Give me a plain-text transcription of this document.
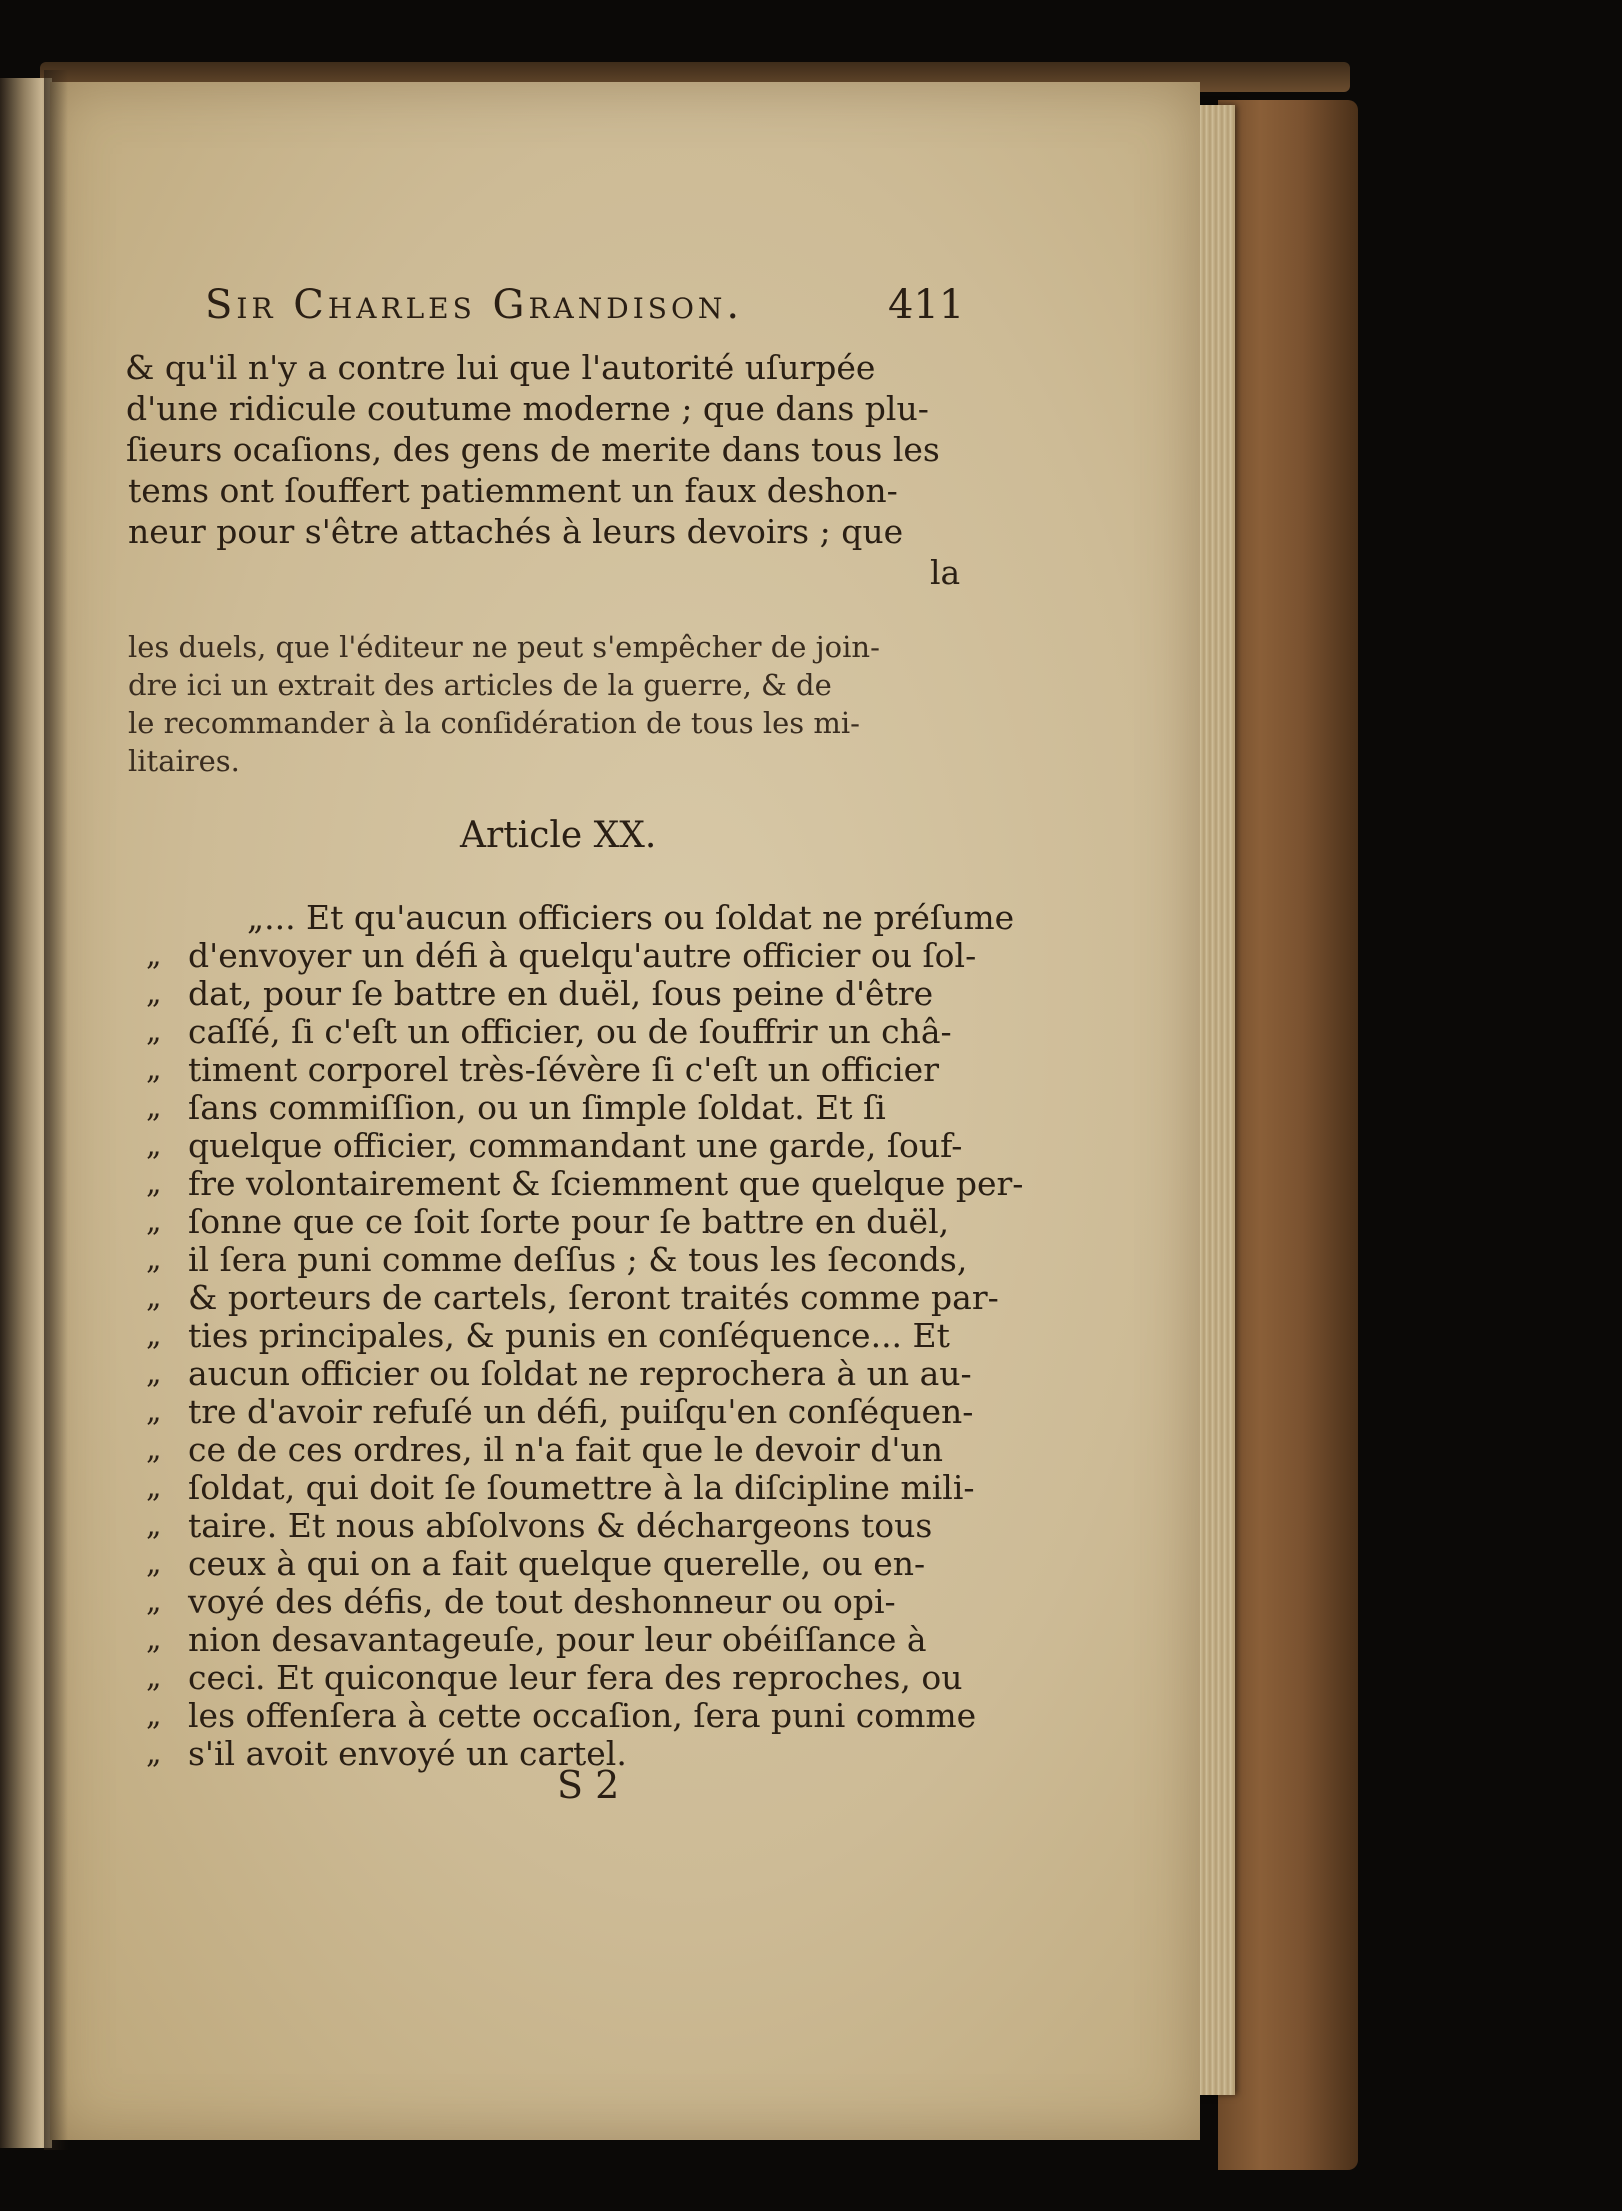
Sir Charles Grandison.	411
& qu'il n'y a contre lui que l'autorité uſurpée
d'une ridicule coutume moderne ; que dans plu-
ſieurs ocaſions, des gens de merite dans tous les
tems ont ſouffert patiemment un faux deshon-
neur pour s'être attachés à leurs devoirs ; que
la
les duels, que l'éditeur ne peut s'empêcher de join-
dre ici un extrait des articles de la guerre, & de
le recommander à la conſidération de tous les mi-
litaires.
Article XX.
„... Et qu'aucun officiers ou ſoldat ne préſume
„ d'envoyer un défi à quelqu'autre officier ou ſol-
„ dat, pour ſe battre en duël, ſous peine d'être
„ caſſé, ſi c'eſt un officier, ou de ſouffrir un châ-
„ timent corporel très-ſévère ſi c'eſt un officier
„ ſans commiſſion, ou un ſimple ſoldat. Et ſi
„ quelque officier, commandant une garde, ſouf-
„ fre volontairement & ſciemment que quelque per-
„ ſonne que ce ſoit ſorte pour ſe battre en duël,
„ il ſera puni comme deſſus ; & tous les ſeconds,
„ & porteurs de cartels, ſeront traités comme par-
„ ties principales, & punis en conſéquence... Et
„ aucun officier ou ſoldat ne reprochera à un au-
„ tre d'avoir refuſé un défi, puiſqu'en conſéquen-
„ ce de ces ordres, il n'a fait que le devoir d'un
„ ſoldat, qui doit ſe ſoumettre à la diſcipline mili-
„ taire. Et nous abſolvons & déchargeons tous
„ ceux à qui on a fait quelque querelle, ou en-
„ voyé des défis, de tout deshonneur ou opi-
„ nion desavantageuſe, pour leur obéiſſance à
„ ceci. Et quiconque leur fera des reproches, ou
„ les offenſera à cette occaſion, ſera puni comme
„ s'il avoit envoyé un cartel.
S 2
